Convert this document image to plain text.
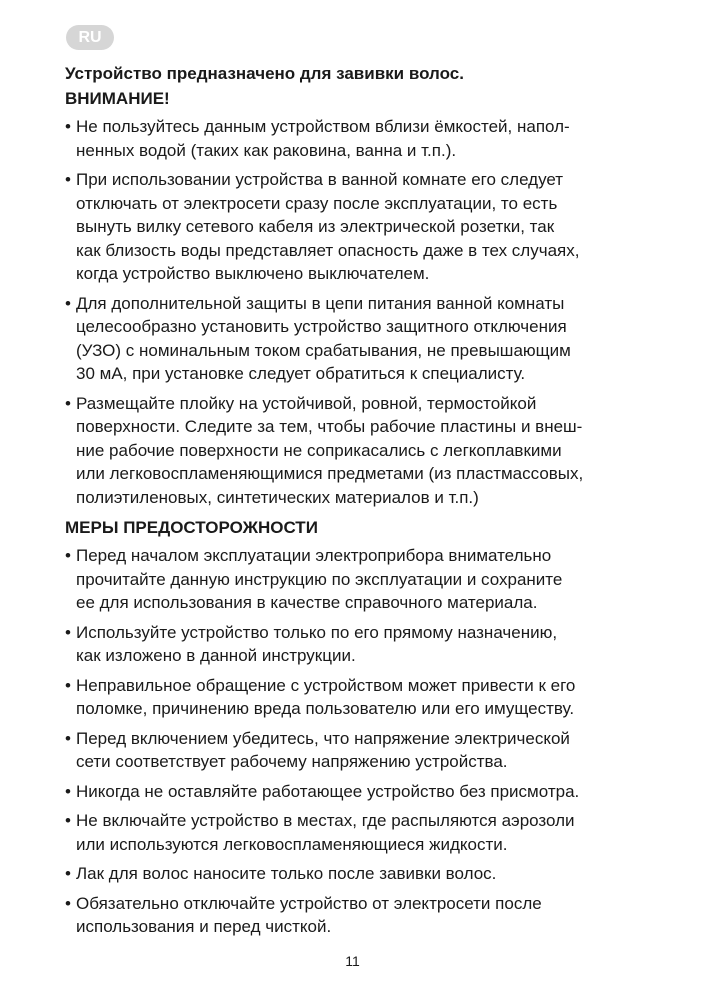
RU

Устройство предназначено для завивки волос.

ВНИМАНИЕ!

• Не пользуйтесь данным устройством вблизи ёмкостей, напол-
ненных водой (таких как раковина, ванна и т.п.).
• При использовании устройства в ванной комнате его следует
отключать от электросети сразу после эксплуатации, то есть
вынуть вилку сетевого кабеля из электрической розетки, так
как близость воды представляет опасность даже в тех случаях,
когда устройство выключено выключателем.
• Для дополнительной защиты в цепи питания ванной комнаты
целесообразно установить устройство защитного отключения
(УЗО) с номинальным током срабатывания, не превышающим
30 мА, при установке следует обратиться к специалисту.
• Размещайте плойку на устойчивой, ровной, термостойкой
поверхности. Следите за тем, чтобы рабочие пластины и внеш-
ние рабочие поверхности не соприкасались с легкоплавкими
или легковоспламеняющимися предметами (из пластмассовых,
полиэтиленовых, синтетических материалов и т.п.)

МЕРЫ ПРЕДОСТОРОЖНОСТИ

• Перед началом эксплуатации электроприбора внимательно
прочитайте данную инструкцию по эксплуатации и сохраните
ее для использования в качестве справочного материала.
• Используйте устройство только по его прямому назначению,
как изложено в данной инструкции.
• Неправильное обращение с устройством может привести к его
поломке, причинению вреда пользователю или его имуществу.
• Перед включением убедитесь, что напряжение электрической
сети соответствует рабочему напряжению устройства.
• Никогда не оставляйте работающее устройство без присмотра.
• Не включайте устройство в местах, где распыляются аэрозоли
или используются легковоспламеняющиеся жидкости.
• Лак для волос наносите только после завивки волос.
• Обязательно отключайте устройство от электросети после
использования и перед чисткой.
11
